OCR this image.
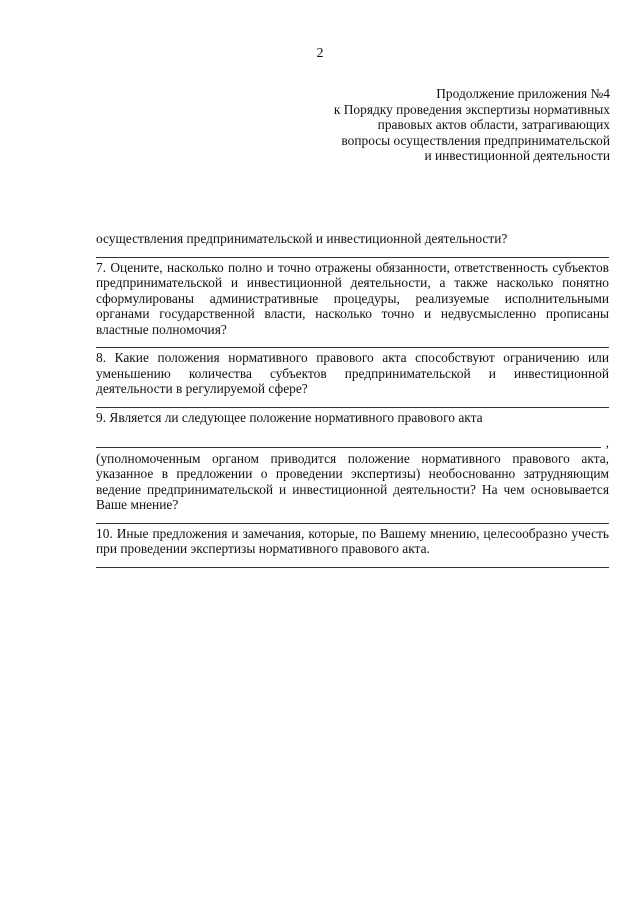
2
Продолжение приложения №4
к Порядку проведения экспертизы нормативных
правовых актов области, затрагивающих
вопросы осуществления предпринимательской
и инвестиционной деятельности
осуществления предпринимательской и инвестиционной деятельности?
7. Оцените, насколько полно и точно отражены обязанности, ответственность субъектов предпринимательской и инвестиционной деятельности, а также насколько понятно сформулированы административные процедуры, реализуемые исполнительными органами государственной власти, насколько точно и недвусмысленно прописаны властные полномочия?
8. Какие положения нормативного правового акта способствуют ограничению или уменьшению количества субъектов предпринимательской и инвестиционной деятельности в регулируемой сфере?
9. Является ли следующее положение нормативного правового акта
,
(уполномоченным органом приводится положение нормативного правового акта, указанное в предложении о проведении экспертизы) необоснованно затрудняющим ведение предпринимательской и инвестиционной деятельности? На чем основывается Ваше мнение?
10. Иные предложения и замечания, которые, по Вашему мнению, целесообразно учесть при проведении экспертизы нормативного правового акта.
